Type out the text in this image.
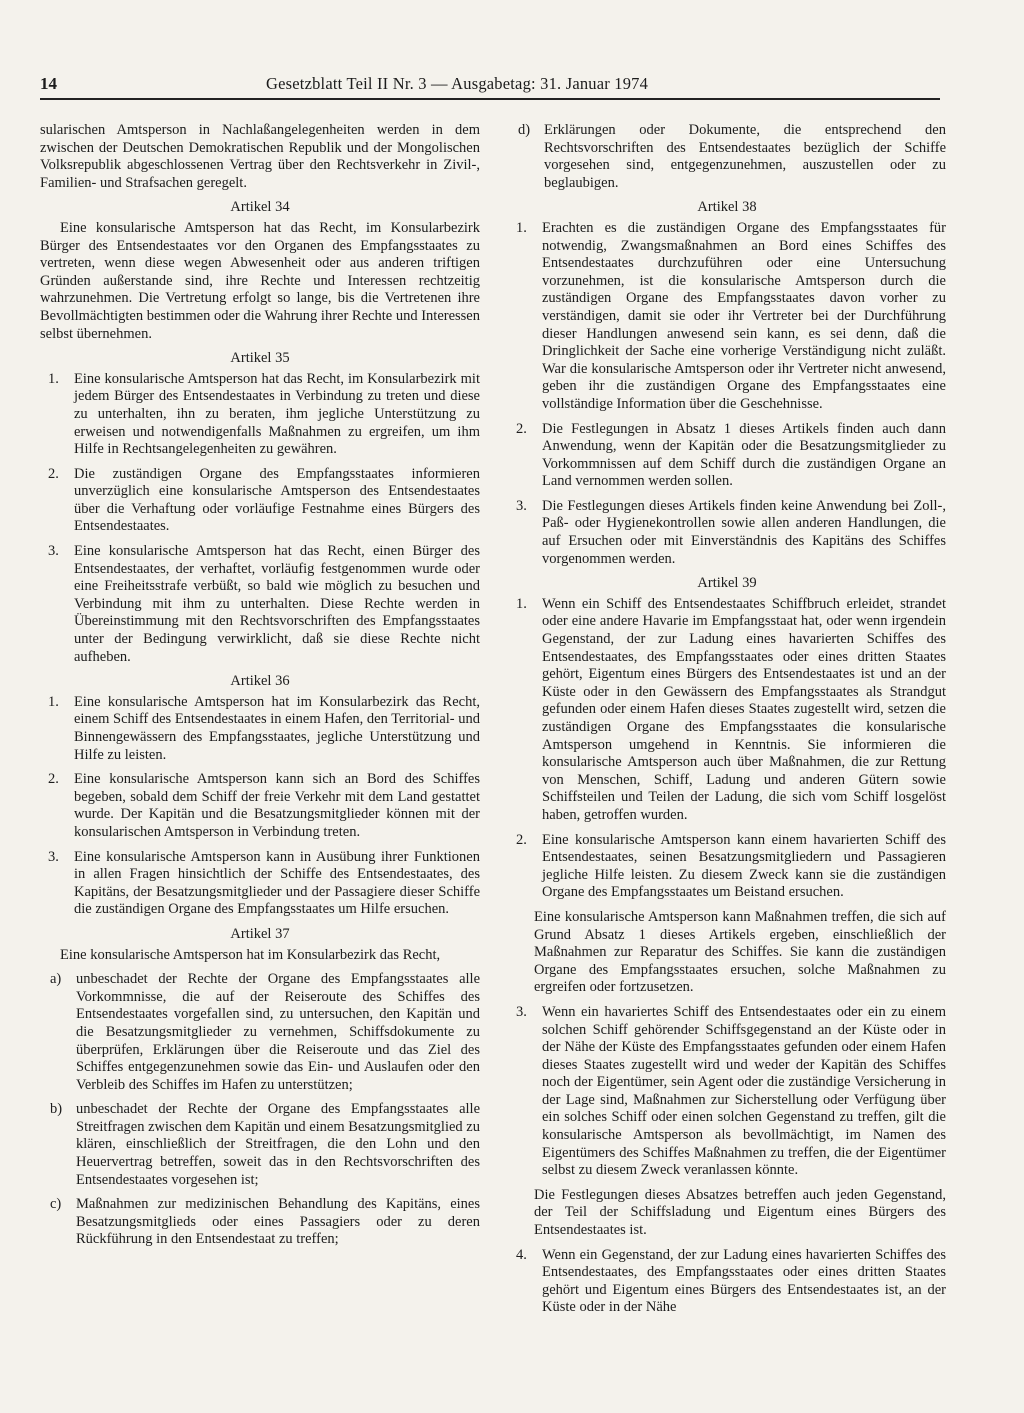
14	Gesetzblatt Teil II Nr. 3 — Ausgabetag: 31. Januar 1974

sularischen Amtsperson in Nachlaßangelegenheiten werden in dem zwischen der Deutschen Demokratischen Republik und der Mongolischen Volksrepublik abgeschlossenen Vertrag über den Rechtsverkehr in Zivil-, Familien- und Strafsachen geregelt.

Artikel 34

Eine konsularische Amtsperson hat das Recht, im Konsularbezirk Bürger des Entsendestaates vor den Organen des Empfangsstaates zu vertreten, wenn diese wegen Abwesenheit oder aus anderen triftigen Gründen außerstande sind, ihre Rechte und Interessen rechtzeitig wahrzunehmen. Die Vertretung erfolgt so lange, bis die Vertretenen ihre Bevollmächtigten bestimmen oder die Wahrung ihrer Rechte und Interessen selbst übernehmen.

Artikel 35
1.	Eine konsularische Amtsperson hat das Recht, im Konsularbezirk mit jedem Bürger des Entsendestaates in Verbindung zu treten und diese zu unterhalten, ihn zu beraten, ihm jegliche Unterstützung zu erweisen und notwendigenfalls Maßnahmen zu ergreifen, um ihm Hilfe in Rechtsangelegenheiten zu gewähren.
2.	Die zuständigen Organe des Empfangsstaates informieren unverzüglich eine konsularische Amtsperson des Entsendestaates über die Verhaftung oder vorläufige Festnahme eines Bürgers des Entsendestaates.
3.	Eine konsularische Amtsperson hat das Recht, einen Bürger des Entsendestaates, der verhaftet, vorläufig festgenommen wurde oder eine Freiheitsstrafe verbüßt, so bald wie möglich zu besuchen und Verbindung mit ihm zu unterhalten. Diese Rechte werden in Übereinstimmung mit den Rechtsvorschriften des Empfangsstaates unter der Bedingung verwirklicht, daß sie diese Rechte nicht aufheben.
Artikel 36
1.	Eine konsularische Amtsperson hat im Konsularbezirk das Recht, einem Schiff des Entsendestaates in einem Hafen, den Territorial- und Binnengewässern des Empfangsstaates, jegliche Unterstützung und Hilfe zu leisten.
2.	Eine konsularische Amtsperson kann sich an Bord des Schiffes begeben, sobald dem Schiff der freie Verkehr mit dem Land gestattet wurde. Der Kapitän und die Besatzungsmitglieder können mit der konsularischen Amtsperson in Verbindung treten.
3.	Eine konsularische Amtsperson kann in Ausübung ihrer Funktionen in allen Fragen hinsichtlich der Schiffe des Entsendestaates, des Kapitäns, der Besatzungsmitglieder und der Passagiere dieser Schiffe die zuständigen Organe des Empfangsstaates um Hilfe ersuchen.
Artikel 37

Eine konsularische Amtsperson hat im Konsularbezirk das Recht,

a)	unbeschadet der Rechte der Organe des Empfangsstaates alle Vorkommnisse, die auf der Reiseroute des Schiffes des Entsendestaates vorgefallen sind, zu untersuchen, den Kapitän und die Besatzungsmitglieder zu vernehmen, Schiffsdokumente zu überprüfen, Erklärungen über die Reiseroute und das Ziel des Schiffes entgegenzunehmen sowie das Ein- und Auslaufen oder den Verbleib des Schiffes im Hafen zu unterstützen;
b) unbeschadet der Rechte der Organe des Empfangsstaates alle Streitfragen zwischen dem Kapitän und einem Besatzungsmitglied zu klären, einschließlich der Streitfragen, die den Lohn und den Heuervertrag betreffen, soweit das in den Rechtsvorschriften des Entsendestaates vorgesehen ist;
c)	Maßnahmen zur medizinischen Behandlung des Kapitäns, eines Besatzungsmitglieds oder eines Passagiers oder zu deren Rückführung in den Entsendestaat zu treffen;
d) Erklärungen oder Dokumente, die entsprechend den Rechtsvorschriften des Entsendestaates bezüglich der Schiffe vorgesehen sind, entgegenzunehmen, auszustellen oder zu beglaubigen.
Artikel 38
1.	Erachten es die zuständigen Organe des Empfangsstaates für notwendig, Zwangsmaßnahmen an Bord eines Schiffes des Entsendestaates durchzuführen oder eine Untersuchung vorzunehmen, ist die konsularische Amtsperson durch die zuständigen Organe des Empfangsstaates davon vorher zu verständigen, damit sie oder ihr Vertreter bei der Durchführung dieser Handlungen anwesend sein kann, es sei denn, daß die Dringlichkeit der Sache eine vorherige Verständigung nicht zuläßt. War die konsularische Amtsperson oder ihr Vertreter nicht anwesend, geben ihr die zuständigen Organe des Empfangsstaates eine vollständige Information über die Geschehnisse.
2.	Die Festlegungen in Absatz 1 dieses Artikels finden auch dann Anwendung, wenn der Kapitän oder die Besatzungsmitglieder zu Vorkommnissen auf dem Schiff durch die zuständigen Organe an Land vernommen werden sollen.
3.	Die Festlegungen dieses Artikels finden keine Anwendung bei Zoll-, Paß- oder Hygienekontrollen sowie allen anderen Handlungen, die auf Ersuchen oder mit Einverständnis des Kapitäns des Schiffes vorgenommen werden.
Artikel 39
1.	Wenn ein Schiff des Entsendestaates Schiffbruch erleidet, strandet oder eine andere Havarie im Empfangsstaat hat, oder wenn irgendein Gegenstand, der zur Ladung eines havarierten Schiffes des Entsendestaates, des Empfangsstaates oder eines dritten Staates gehört, Eigentum eines Bürgers des Entsendestaates ist und an der Küste oder in den Gewässern des Empfangsstaates als Strandgut gefunden oder einem Hafen dieses Staates zugestellt wird, setzen die zuständigen Organe des Empfangsstaates die konsularische Amtsperson umgehend in Kenntnis. Sie informieren die konsularische Amtsperson auch über Maßnahmen, die zur Rettung von Menschen, Schiff, Ladung und anderen Gütern sowie Schiffsteilen und Teilen der Ladung, die sich vom Schiff losgelöst haben, getroffen wurden.
2.	Eine konsularische Amtsperson kann einem havarierten Schiff des Entsendestaates, seinen Besatzungsmitgliedern und Passagieren jegliche Hilfe leisten. Zu diesem Zweck kann sie die zuständigen Organe des Empfangsstaates um Beistand ersuchen.

Eine konsularische Amtsperson kann Maßnahmen treffen, die sich auf Grund Absatz 1 dieses Artikels ergeben, einschließlich der Maßnahmen zur Reparatur des Schiffes. Sie kann die zuständigen Organe des Empfangsstaates ersuchen, solche Maßnahmen zu ergreifen oder fortzusetzen.

3.	Wenn ein havariertes Schiff des Entsendestaates oder ein zu einem solchen Schiff gehörender Schiffsgegenstand an der Küste oder in der Nähe der Küste des Empfangsstaates gefunden oder einem Hafen dieses Staates zugestellt wird und weder der Kapitän des Schiffes noch der Eigentümer, sein Agent oder die zuständige Versicherung in der Lage sind, Maßnahmen zur Sicherstellung oder Verfügung über ein solches Schiff oder einen solchen Gegenstand zu treffen, gilt die konsularische Amtsperson als bevollmächtigt, im Namen des Eigentümers des Schiffes Maßnahmen zu treffen, die der Eigentümer selbst zu diesem Zweck veranlassen könnte.

Die Festlegungen dieses Absatzes betreffen auch jeden Gegenstand, der Teil der Schiffsladung und Eigentum eines Bürgers des Entsendestaates ist.

4.	Wenn ein Gegenstand, der zur Ladung eines havarierten Schiffes des Entsendestaates, des Empfangsstaates oder eines dritten Staates gehört und Eigentum eines Bürgers des Entsendestaates ist, an der Küste oder in der Nähe
